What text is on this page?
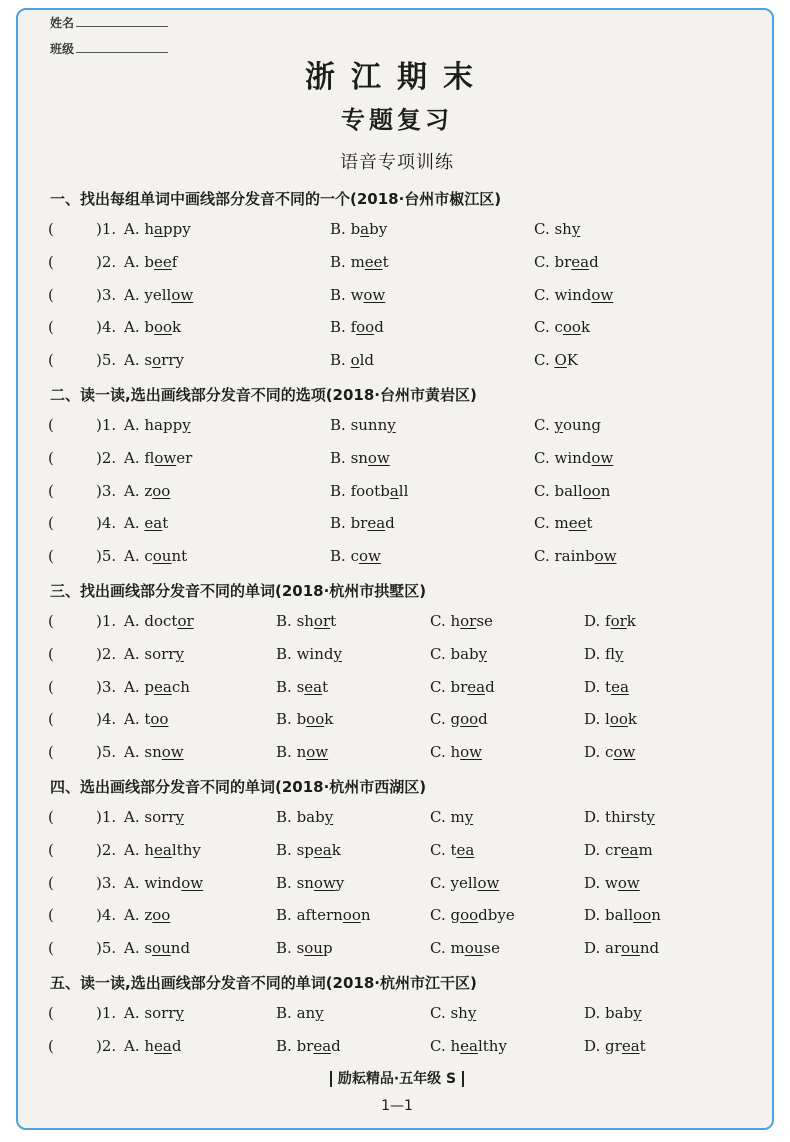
姓名
班级
浙江期末
专题复习
语音专项训练
一、找出每组单词中画线部分发音不同的一个(2018·台州市椒江区)
(	)1. A. happy	B. baby	C. shy
(	)2. A. beef	B. meet	C. bread
(	)3. A. yellow	B. wow	C. window
(	)4. A. book	B. food	C. cook
(	)5. A. sorry	B. old	C. OK
二、读一读,选出画线部分发音不同的选项(2018·台州市黄岩区)
(	)1. A. happy	B. sunny	C. young
(	)2. A. flower	B. snow	C. window
(	)3. A. zoo	B. football	C. balloon
(	)4. A. eat	B. bread	C. meet
(	)5. A. count	B. cow	C. rainbow
三、找出画线部分发音不同的单词(2018·杭州市拱墅区)
(	)1. A. doctor	B. short	C. horse	D. fork
(	)2. A. sorry	B. windy	C. baby	D. fly
(	)3. A. peach	B. seat	C. bread	D. tea
(	)4. A. too	B. book	C. good	D. look
(	)5. A. snow	B. now	C. how	D. cow
四、选出画线部分发音不同的单词(2018·杭州市西湖区)
(	)1. A. sorry	B. baby	C. my	D. thirsty
(	)2. A. healthy	B. speak	C. tea	D. cream
(	)3. A. window	B. snowy	C. yellow	D. wow
(	)4. A. zoo	B. afternoon	C. goodbye	D. balloon
(	)5. A. sound	B. soup	C. mouse	D. around
五、读一读,选出画线部分发音不同的单词(2018·杭州市江干区)
(	)1. A. sorry	B. any	C. shy	D. baby
(	)2. A. head	B. bread	C. healthy	D. great
励耘精品·五年级 S
1—1
